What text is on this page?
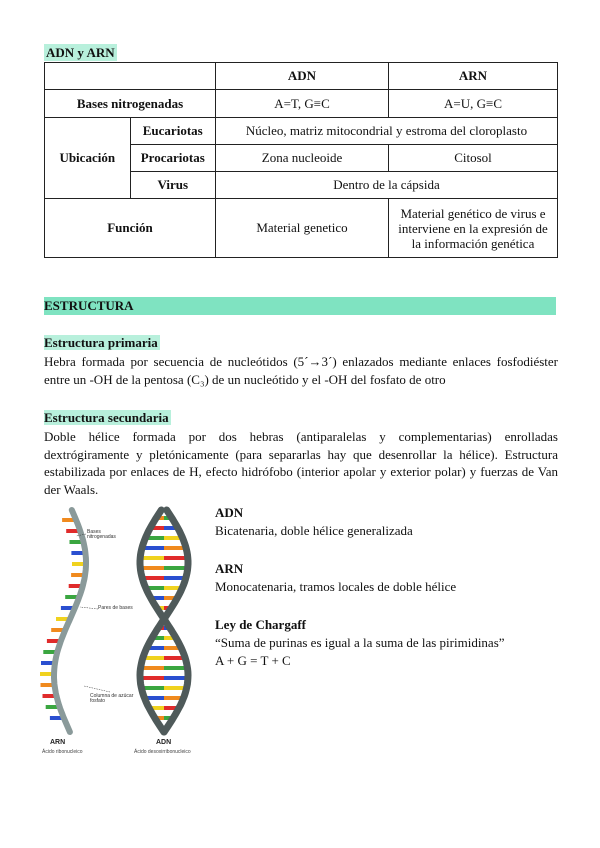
ADN y ARN
		ADN	ARN
Bases nitrogenadas		A=T, G≡C	A=U, G≡C
Ubicación	Eucariotas	Núcleo, matriz mitocondrial y estroma del cloroplasto	
	Procariotas	Zona nucleoide	Citosol
	Virus	Dentro de la cápsida	
Función		Material genetico	Material genético de virus e interviene en la expresión de la información genética
ESTRUCTURA
Estructura primaria
Hebra formada por secuencia de nucleótidos (5´→3´) enlazados mediante enlaces fosfodiéster entre un -OH de la pentosa (C₃) de un nucleótido y el -OH del fosfato de otro
Estructura secundaria
Doble hélice formada por dos hebras (antiparalelas y complementarias) enrolladas dextrógiramente y pletónicamente (para separarlas hay que desenrollar la hélice). Estructura estabilizada por enlaces de H, efecto hidrófobo (interior apolar y exterior polar) y fuerzas de Van der Waals.
Bases nitrogenadas
Pares de bases
Columna de azúcar fosfato
ARN
Ácido ribonucleico
ADN
Ácido desoxirribonucleico
ADN
Bicatenaria, doble hélice generalizada
ARN
Monocatenaria, tramos locales de doble hélice
Ley de Chargaff
“Suma de purinas es igual a la suma de las pirimidinas”
A + G = T + C
